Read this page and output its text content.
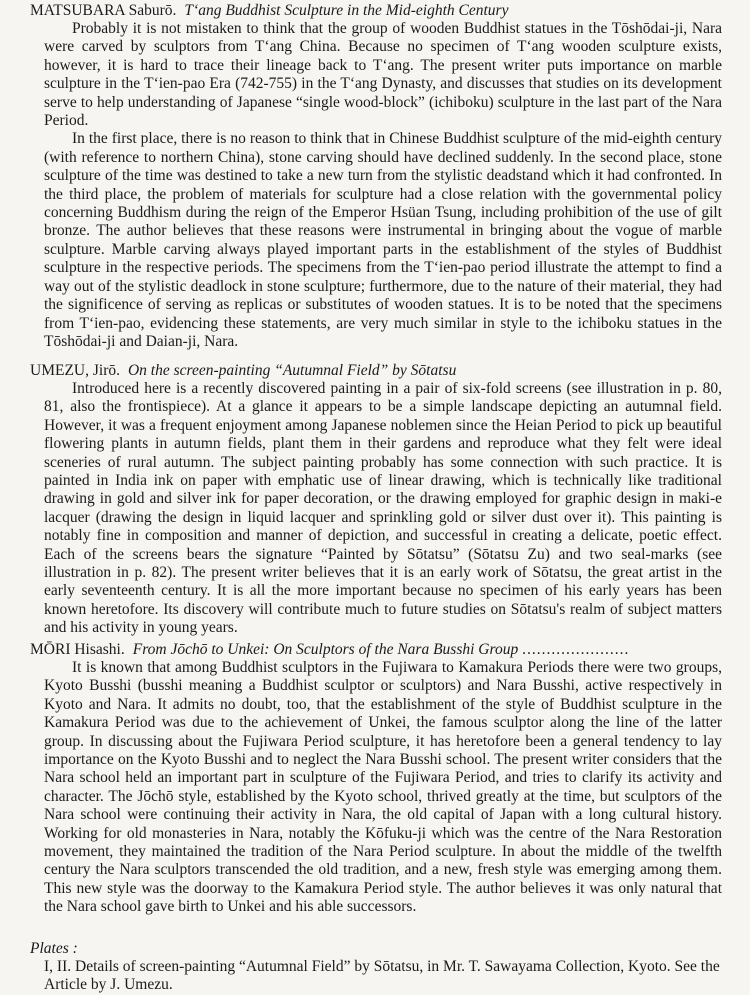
MATSUBARA Saburō. T‘ang Buddhist Sculpture in the Mid-eighth Century

Probably it is not mistaken to think that the group of wooden Buddhist statues in the Tōshōdai-ji, Nara were carved by sculptors from T‘ang China. Because no specimen of T‘ang wooden sculpture exists, however, it is hard to trace their lineage back to T‘ang. The present writer puts importance on marble sculpture in the T‘ien-pao Era (742-755) in the T‘ang Dynasty, and discusses that studies on its development serve to help understanding of Japanese “single wood-block” (ichiboku) sculpture in the last part of the Nara Period.

In the first place, there is no reason to think that in Chinese Buddhist sculpture of the mid-eighth century (with reference to northern China), stone carving should have declined suddenly. In the second place, stone sculpture of the time was destined to take a new turn from the stylistic deadstand which it had confronted. In the third place, the problem of materials for sculpture had a close relation with the governmental policy concerning Buddhism during the reign of the Emperor Hsüan Tsung, including prohibition of the use of gilt bronze. The author believes that these reasons were instrumental in bringing about the vogue of marble sculpture. Marble carving always played important parts in the establishment of the styles of Buddhist sculpture in the respective periods. The specimens from the T‘ien-pao period illustrate the attempt to find a way out of the stylistic deadlock in stone sculpture; furthermore, due to the nature of their material, they had the significence of serving as replicas or substitutes of wooden statues. It is to be noted that the specimens from T‘ien-pao, evidencing these statements, are very much similar in style to the ichiboku statues in the Tōshōdai-ji and Daian-ji, Nara.

UMEZU, Jirō. On the screen-painting “Autumnal Field” by Sōtatsu

Introduced here is a recently discovered painting in a pair of six-fold screens (see illustration in p. 80, 81, also the frontispiece). At a glance it appears to be a simple landscape depicting an autumnal field. However, it was a frequent enjoyment among Japanese noblemen since the Heian Period to pick up beautiful flowering plants in autumn fields, plant them in their gardens and reproduce what they felt were ideal sceneries of rural autumn. The subject painting probably has some connection with such practice. It is painted in India ink on paper with emphatic use of linear drawing, which is technically like traditional drawing in gold and silver ink for paper decoration, or the drawing employed for graphic design in maki-e lacquer (drawing the design in liquid lacquer and sprinkling gold or silver dust over it). This painting is notably fine in composition and manner of depiction, and successful in creating a delicate, poetic effect. Each of the screens bears the signature “Painted by Sōtatsu” (Sōtatsu Zu) and two seal-marks (see illustration in p. 82). The present writer believes that it is an early work of Sōtatsu, the great artist in the early seventeenth century. It is all the more important because no specimen of his early years has been known heretofore. Its discovery will contribute much to future studies on Sōtatsu's realm of subject matters and his activity in young years.

MŌRI Hisashi. From Jōchō to Unkei: On Sculptors of the Nara Busshi Group ......................

It is known that among Buddhist sculptors in the Fujiwara to Kamakura Periods there were two groups, Kyoto Busshi (busshi meaning a Buddhist sculptor or sculptors) and Nara Busshi, active respectively in Kyoto and Nara. It admits no doubt, too, that the establishment of the style of Buddhist sculpture in the Kamakura Period was due to the achievement of Unkei, the famous sculptor along the line of the latter group. In discussing about the Fujiwara Period sculpture, it has heretofore been a general tendency to lay importance on the Kyoto Busshi and to neglect the Nara Busshi school. The present writer considers that the Nara school held an important part in sculpture of the Fujiwara Period, and tries to clarify its activity and character. The Jōchō style, established by the Kyoto school, thrived greatly at the time, but sculptors of the Nara school were continuing their activity in Nara, the old capital of Japan with a long cultural history. Working for old monasteries in Nara, notably the Kōfuku-ji which was the centre of the Nara Restoration movement, they maintained the tradition of the Nara Period sculpture. In about the middle of the twelfth century the Nara sculptors transcended the old tradition, and a new, fresh style was emerging among them. This new style was the doorway to the Kamakura Period style. The author believes it was only natural that the Nara school gave birth to Unkei and his able successors.

Plates :
I, II. Details of screen-painting “Autumnal Field” by Sōtatsu, in Mr. T. Sawayama Collection, Kyoto. See the Article by J. Umezu.
